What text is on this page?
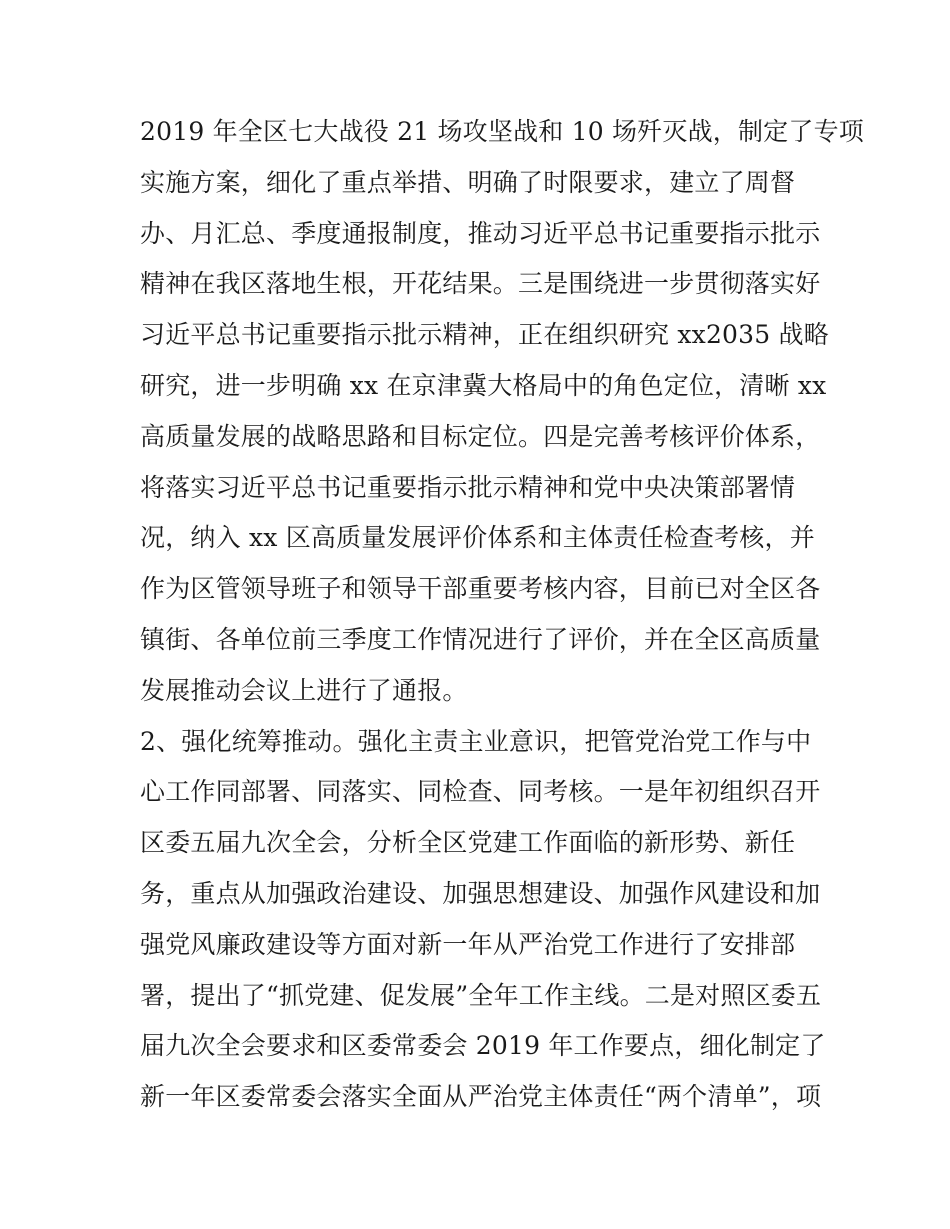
2019 年全区七大战役 21 场攻坚战和 10 场歼灭战，制定了专项
实施方案，细化了重点举措、明确了时限要求，建立了周督
办、月汇总、季度通报制度，推动习近平总书记重要指示批示
精神在我区落地生根，开花结果。三是围绕进一步贯彻落实好
习近平总书记重要指示批示精神，正在组织研究 xx2035 战略
研究，进一步明确 xx 在京津冀大格局中的角色定位，清晰 xx
高质量发展的战略思路和目标定位。四是完善考核评价体系，
将落实习近平总书记重要指示批示精神和党中央决策部署情
况，纳入 xx 区高质量发展评价体系和主体责任检查考核，并
作为区管领导班子和领导干部重要考核内容，目前已对全区各
镇街、各单位前三季度工作情况进行了评价，并在全区高质量
发展推动会议上进行了通报。
2、强化统筹推动。强化主责主业意识，把管党治党工作与中
心工作同部署、同落实、同检查、同考核。一是年初组织召开
区委五届九次全会，分析全区党建工作面临的新形势、新任
务，重点从加强政治建设、加强思想建设、加强作风建设和加
强党风廉政建设等方面对新一年从严治党工作进行了安排部
署，提出了“抓党建、促发展”全年工作主线。二是对照区委五
届九次全会要求和区委常委会 2019 年工作要点，细化制定了
新一年区委常委会落实全面从严治党主体责任“两个清单”，项
